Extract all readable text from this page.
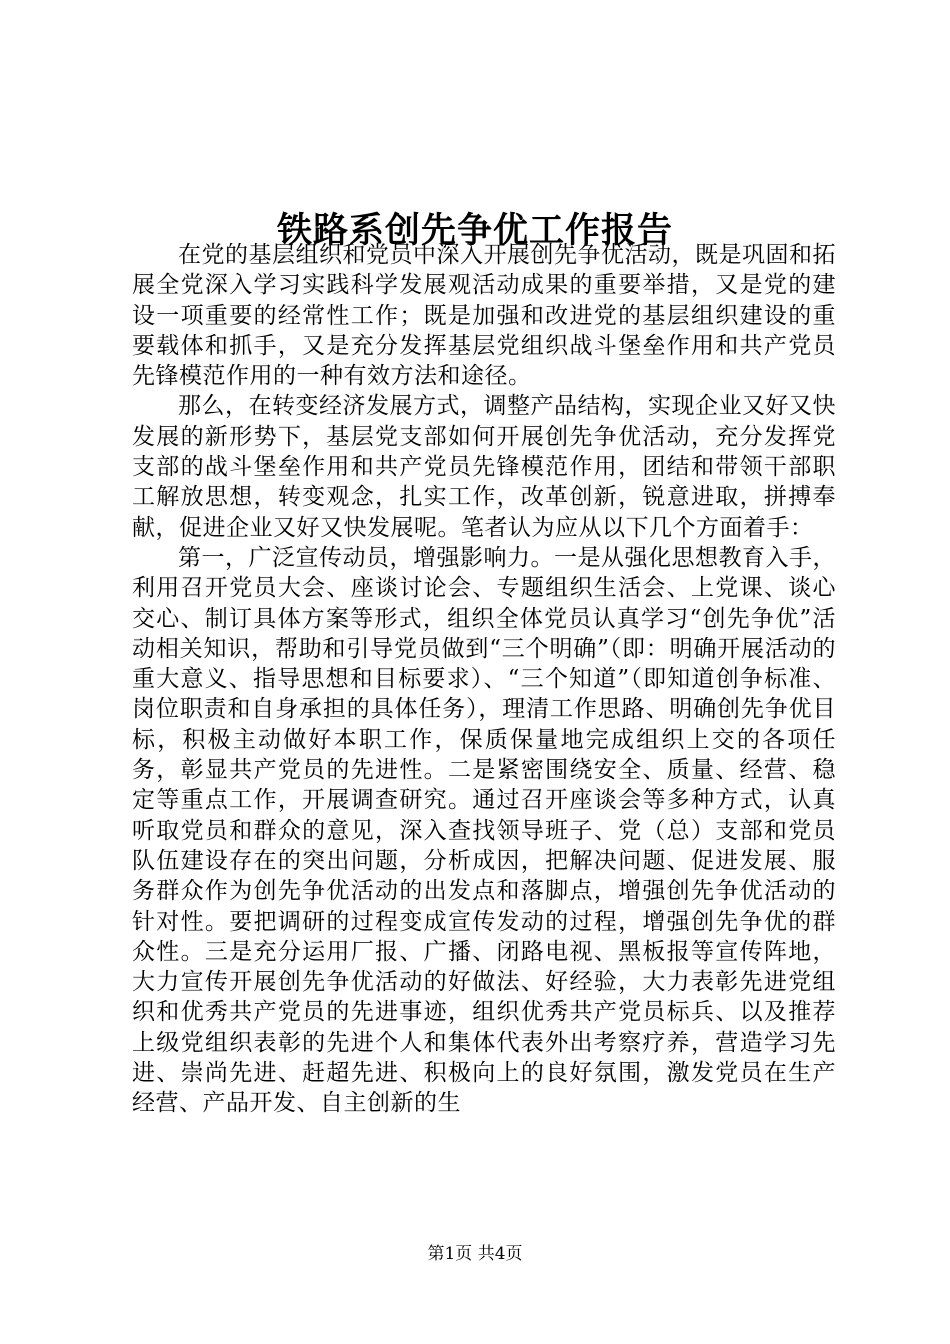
铁路系创先争优工作报告

在党的基层组织和党员中深入开展创先争优活动，既是巩固和拓展全党深入学习实践科学发展观活动成果的重要举措，又是党的建设一项重要的经常性工作；既是加强和改进党的基层组织建设的重要载体和抓手，又是充分发挥基层党组织战斗堡垒作用和共产党员先锋模范作用的一种有效方法和途径。

那么，在转变经济发展方式，调整产品结构，实现企业又好又快发展的新形势下，基层党支部如何开展创先争优活动，充分发挥党支部的战斗堡垒作用和共产党员先锋模范作用，团结和带领干部职工解放思想，转变观念，扎实工作，改革创新，锐意进取，拼搏奉献，促进企业又好又快发展呢。笔者认为应从以下几个方面着手：

第一，广泛宣传动员，增强影响力。一是从强化思想教育入手，利用召开党员大会、座谈讨论会、专题组织生活会、上党课、谈心交心、制订具体方案等形式，组织全体党员认真学习“创先争优”活动相关知识，帮助和引导党员做到“三个明确”（即：明确开展活动的重大意义、指导思想和目标要求）、“三个知道”（即知道创争标准、岗位职责和自身承担的具体任务），理清工作思路、明确创先争优目标，积极主动做好本职工作，保质保量地完成组织上交的各项任务，彰显共产党员的先进性。二是紧密围绕安全、质量、经营、稳定等重点工作，开展调查研究。通过召开座谈会等多种方式，认真听取党员和群众的意见，深入查找领导班子、党（总）支部和党员队伍建设存在的突出问题，分析成因，把解决问题、促进发展、服务群众作为创先争优活动的出发点和落脚点，增强创先争优活动的针对性。要把调研的过程变成宣传发动的过程，增强创先争优的群众性。三是充分运用厂报、广播、闭路电视、黑板报等宣传阵地，大力宣传开展创先争优活动的好做法、好经验，大力表彰先进党组织和优秀共产党员的先进事迹，组织优秀共产党员标兵、以及推荐上级党组织表彰的先进个人和集体代表外出考察疗养，营造学习先进、崇尚先进、赶超先进、积极向上的良好氛围，激发党员在生产经营、产品开发、自主创新的生

第1页 共4页
